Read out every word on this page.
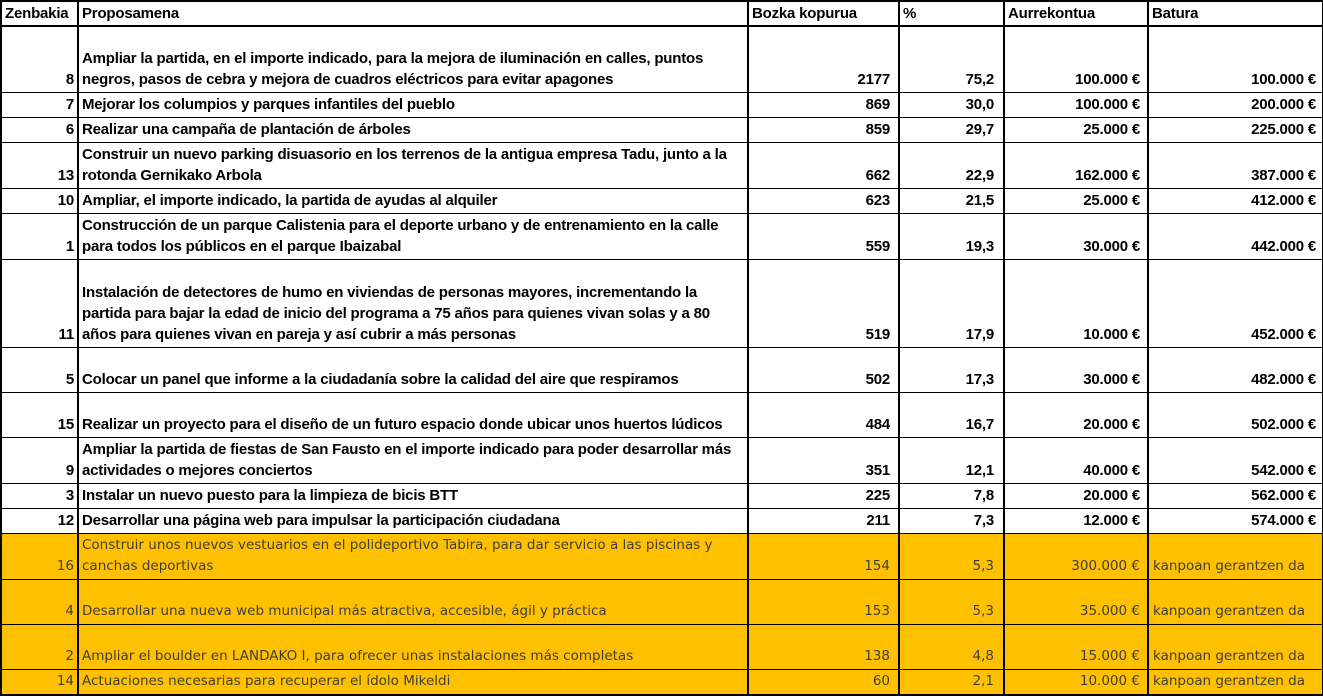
Zenbakia	Proposamena	Bozka kopurua	%	Aurrekontua	Batura
8	Ampliar la partida, en el importe indicado, para la mejora de iluminación en calles, puntos negros, pasos de cebra y mejora de cuadros eléctricos para evitar apagones	2177	75,2	100.000 €	100.000 €
7	Mejorar los columpios y parques infantiles del pueblo	869	30,0	100.000 €	200.000 €
6	Realizar una campaña de plantación de árboles	859	29,7	25.000 €	225.000 €
13	Construir un nuevo parking disuasorio en los terrenos de la antigua empresa Tadu, junto a la rotonda Gernikako Arbola	662	22,9	162.000 €	387.000 €
10	Ampliar, el importe indicado, la partida de ayudas al alquiler	623	21,5	25.000 €	412.000 €
1	Construcción de un parque Calistenia para el deporte urbano y de entrenamiento en la calle para todos los públicos en el parque Ibaizabal	559	19,3	30.000 €	442.000 €
11	Instalación de detectores de humo en viviendas de personas mayores, incrementando la partida para bajar la edad de inicio del programa a 75 años para quienes vivan solas y a 80 años para quienes vivan en pareja y así cubrir a más personas	519	17,9	10.000 €	452.000 €
5	Colocar un panel que informe a la ciudadanía sobre la calidad del aire que respiramos	502	17,3	30.000 €	482.000 €
15	Realizar un proyecto para el diseño de un futuro espacio donde ubicar unos huertos lúdicos	484	16,7	20.000 €	502.000 €
9	Ampliar la partida de fiestas de San Fausto en el importe indicado para poder desarrollar más actividades o mejores conciertos	351	12,1	40.000 €	542.000 €
3	Instalar un nuevo puesto para la limpieza de bicis BTT	225	7,8	20.000 €	562.000 €
12	Desarrollar una página web para impulsar la participación ciudadana	211	7,3	12.000 €	574.000 €
16	Construir unos nuevos vestuarios en el polideportivo Tabira, para dar servicio a las piscinas y canchas deportivas	154	5,3	300.000 €	kanpoan gerantzen da
4	Desarrollar una nueva web municipal más atractiva, accesible, ágil y práctica	153	5,3	35.000 €	kanpoan gerantzen da
2	Ampliar el boulder en LANDAKO I, para ofrecer unas instalaciones más completas	138	4,8	15.000 €	kanpoan gerantzen da
14	Actuaciones necesarias para recuperar el ídolo Mikeldi	60	2,1	10.000 €	kanpoan gerantzen da
